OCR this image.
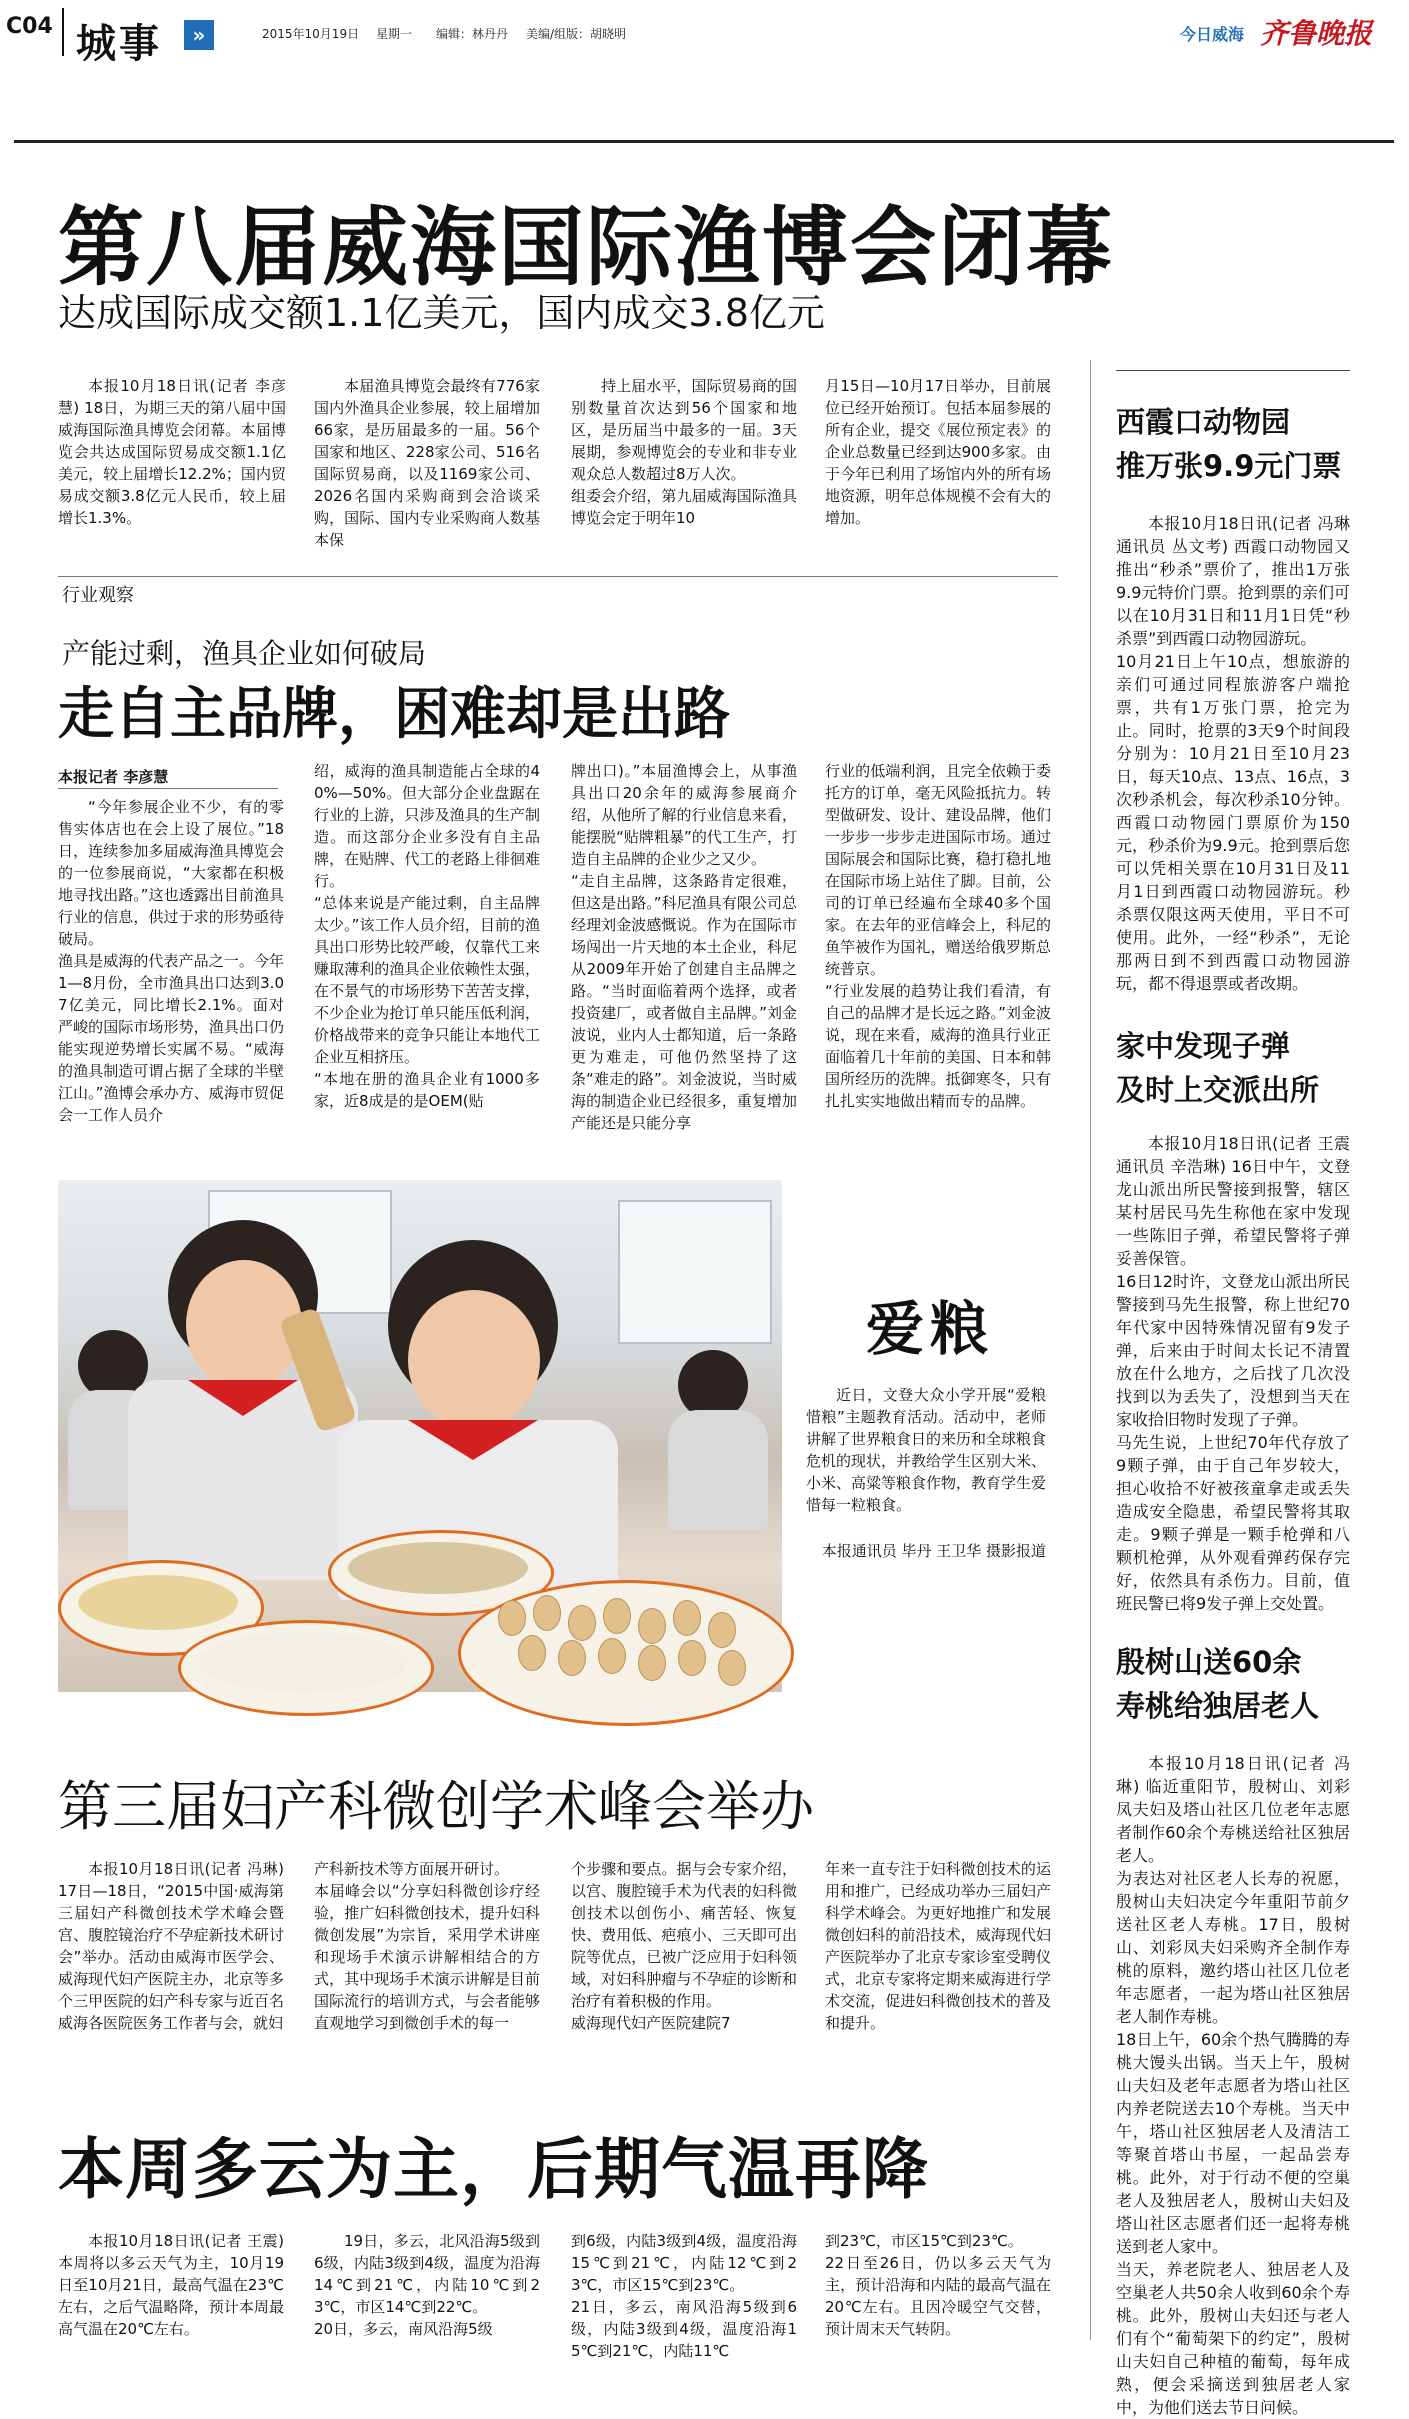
C04 城事	»	2015年10月19日 星期一 编辑：林丹丹 美编/组版：胡晓明	今日威海 齐鲁晚报
第八届威海国际渔博会闭幕
达成国际成交额1.1亿美元，国内成交3.8亿元

本报10月18日讯(记者 李彦慧) 18日，为期三天的第八届中国威海国际渔具博览会闭幕。本届博览会共达成国际贸易成交额1.1亿美元，较上届增长12.2%；国内贸易成交额3.8亿元人民币，较上届增长1.3%。

本届渔具博览会最终有776家国内外渔具企业参展，较上届增加66家，是历届最多的一届。56个国家和地区、228家公司、516名国际贸易商，以及1169家公司、2026名国内采购商到会洽谈采购，国际、国内专业采购商人数基本保

持上届水平，国际贸易商的国别数量首次达到56个国家和地区，是历届当中最多的一届。3天展期，参观博览会的专业和非专业观众总人数超过8万人次。
组委会介绍，第九届威海国际渔具博览会定于明年10

月15日—10月17日举办，目前展位已经开始预订。包括本届参展的所有企业，提交《展位预定表》的企业总数量已经到达900多家。由于今年已利用了场馆内外的所有场地资源，明年总体规模不会有大的增加。

行业观察
产能过剩，渔具企业如何破局
走自主品牌，困难却是出路
本报记者 李彦慧

“今年参展企业不少，有的零售实体店也在会上设了展位。”18日，连续参加多届威海渔具博览会的一位参展商说，“大家都在积极地寻找出路。”这也透露出目前渔具行业的信息，供过于求的形势亟待破局。
渔具是威海的代表产品之一。今年1—8月份，全市渔具出口达到3.07亿美元，同比增长2.1%。面对严峻的国际市场形势，渔具出口仍能实现逆势增长实属不易。“威海的渔具制造可谓占据了全球的半壁江山。”渔博会承办方、威海市贸促会一工作人员介

绍，威海的渔具制造能占全球的40%—50%。但大部分企业盘踞在行业的上游，只涉及渔具的生产制造。而这部分企业多没有自主品牌，在贴牌、代工的老路上徘徊难行。
“总体来说是产能过剩，自主品牌太少。”该工作人员介绍，目前的渔具出口形势比较严峻，仅靠代工来赚取薄利的渔具企业依赖性太强，在不景气的市场形势下苦苦支撑，不少企业为抢订单只能压低利润，价格战带来的竞争只能让本地代工企业互相挤压。
“本地在册的渔具企业有1000多家，近8成是的是OEM(贴

牌出口)。”本届渔博会上，从事渔具出口20余年的威海参展商介绍，从他所了解的行业信息来看，能摆脱“贴牌粗暴”的代工生产，打造自主品牌的企业少之又少。
“走自主品牌，这条路肯定很难，但这是出路。”科尼渔具有限公司总经理刘金波感慨说。作为在国际市场闯出一片天地的本土企业，科尼从2009年开始了创建自主品牌之路。“当时面临着两个选择，或者投资建厂，或者做自主品牌。”刘金波说，业内人士都知道，后一条路更为难走，可他仍然坚持了这条“难走的路”。刘金波说，当时威海的制造企业已经很多，重复增加产能还是只能分享

行业的低端利润，且完全依赖于委托方的订单，毫无风险抵抗力。转型做研发、设计、建设品牌，他们一步步一步步走进国际市场。通过国际展会和国际比赛，稳打稳扎地在国际市场上站住了脚。目前，公司的订单已经遍布全球40多个国家。在去年的亚信峰会上，科尼的鱼竿被作为国礼，赠送给俄罗斯总统普京。
“行业发展的趋势让我们看清，有自己的品牌才是长远之路。”刘金波说，现在来看，威海的渔具行业正面临着几十年前的美国、日本和韩国所经历的洗牌。抵御寒冬，只有扎扎实实地做出精而专的品牌。

爱粮

近日，文登大众小学开展“爱粮惜粮”主题教育活动。活动中，老师讲解了世界粮食日的来历和全球粮食危机的现状，并教给学生区别大米、小米、高粱等粮食作物，教育学生爱惜每一粒粮食。

本报通讯员 毕丹 王卫华 摄影报道
第三届妇产科微创学术峰会举办

本报10月18日讯(记者 冯琳) 17日—18日，“2015中国·威海第三届妇产科微创技术学术峰会暨宫、腹腔镜治疗不孕症新技术研讨会”举办。活动由威海市医学会、威海现代妇产医院主办，北京等多个三甲医院的妇产科专家与近百名威海各医院医务工作者与会，就妇

产科新技术等方面展开研讨。
本届峰会以“分享妇科微创诊疗经验，推广妇科微创技术，提升妇科微创发展”为宗旨，采用学术讲座和现场手术演示讲解相结合的方式，其中现场手术演示讲解是目前国际流行的培训方式，与会者能够直观地学习到微创手术的每一

个步骤和要点。据与会专家介绍，以宫、腹腔镜手术为代表的妇科微创技术以创伤小、痛苦轻、恢复快、费用低、疤痕小、三天即可出院等优点，已被广泛应用于妇科领域，对妇科肿瘤与不孕症的诊断和治疗有着积极的作用。
威海现代妇产医院建院7

年来一直专注于妇科微创技术的运用和推广，已经成功举办三届妇产科学术峰会。为更好地推广和发展微创妇科的前沿技术，威海现代妇产医院举办了北京专家诊室受聘仪式，北京专家将定期来威海进行学术交流，促进妇科微创技术的普及和提升。

本周多云为主，后期气温再降

本报10月18日讯(记者 王震) 本周将以多云天气为主，10月19日至10月21日，最高气温在23℃左右，之后气温略降，预计本周最高气温在20℃左右。

19日，多云，北风沿海5级到6级，内陆3级到4级，温度为沿海14℃到21℃，内陆10℃到23℃，市区14℃到22℃。
20日，多云，南风沿海5级

到6级，内陆3级到4级，温度沿海15℃到21℃，内陆12℃到23℃，市区15℃到23℃。
21日，多云，南风沿海5级到6级，内陆3级到4级，温度沿海15℃到21℃，内陆11℃

到23℃，市区15℃到23℃。
22日至26日，仍以多云天气为主，预计沿海和内陆的最高气温在20℃左右。且因冷暖空气交替，预计周末天气转阴。

西霞口动物园
推万张9.9元门票

本报10月18日讯(记者 冯琳 通讯员 丛文考) 西霞口动物园又推出“秒杀”票价了，推出1万张9.9元特价门票。抢到票的亲们可以在10月31日和11月1日凭“秒杀票”到西霞口动物园游玩。
10月21日上午10点，想旅游的亲们可通过同程旅游客户端抢票，共有1万张门票，抢完为止。同时，抢票的3天9个时间段分别为：10月21日至10月23日，每天10点、13点、16点，3次秒杀机会，每次秒杀10分钟。西霞口动物园门票原价为150元，秒杀价为9.9元。抢到票后您可以凭相关票在10月31日及11月1日到西霞口动物园游玩。秒杀票仅限这两天使用，平日不可使用。此外，一经“秒杀”，无论那两日到不到西霞口动物园游玩，都不得退票或者改期。

家中发现子弹
及时上交派出所

本报10月18日讯(记者 王震 通讯员 辛浩琳) 16日中午，文登龙山派出所民警接到报警，辖区某村居民马先生称他在家中发现一些陈旧子弹，希望民警将子弹妥善保管。
16日12时许，文登龙山派出所民警接到马先生报警，称上世纪70年代家中因特殊情况留有9发子弹，后来由于时间太长记不清置放在什么地方，之后找了几次没找到以为丢失了，没想到当天在家收拾旧物时发现了子弹。
马先生说，上世纪70年代存放了9颗子弹，由于自己年岁较大，担心收拾不好被孩童拿走或丢失造成安全隐患，希望民警将其取走。9颗子弹是一颗手枪弹和八颗机枪弹，从外观看弹药保存完好，依然具有杀伤力。目前，值班民警已将9发子弹上交处置。

殷树山送60余
寿桃给独居老人

本报10月18日讯(记者 冯琳) 临近重阳节，殷树山、刘彩凤夫妇及塔山社区几位老年志愿者制作60余个寿桃送给社区独居老人。
为表达对社区老人长寿的祝愿，殷树山夫妇决定今年重阳节前夕送社区老人寿桃。17日，殷树山、刘彩凤夫妇采购齐全制作寿桃的原料，邀约塔山社区几位老年志愿者，一起为塔山社区独居老人制作寿桃。
18日上午，60余个热气腾腾的寿桃大馒头出锅。当天上午，殷树山夫妇及老年志愿者为塔山社区内养老院送去10个寿桃。当天中午，塔山社区独居老人及清洁工等聚首塔山书屋，一起品尝寿桃。此外，对于行动不便的空巢老人及独居老人，殷树山夫妇及塔山社区志愿者们还一起将寿桃送到老人家中。
当天，养老院老人、独居老人及空巢老人共50余人收到60余个寿桃。此外，殷树山夫妇还与老人们有个“葡萄架下的约定”，殷树山夫妇自己种植的葡萄，每年成熟，便会采摘送到独居老人家中，为他们送去节日问候。
